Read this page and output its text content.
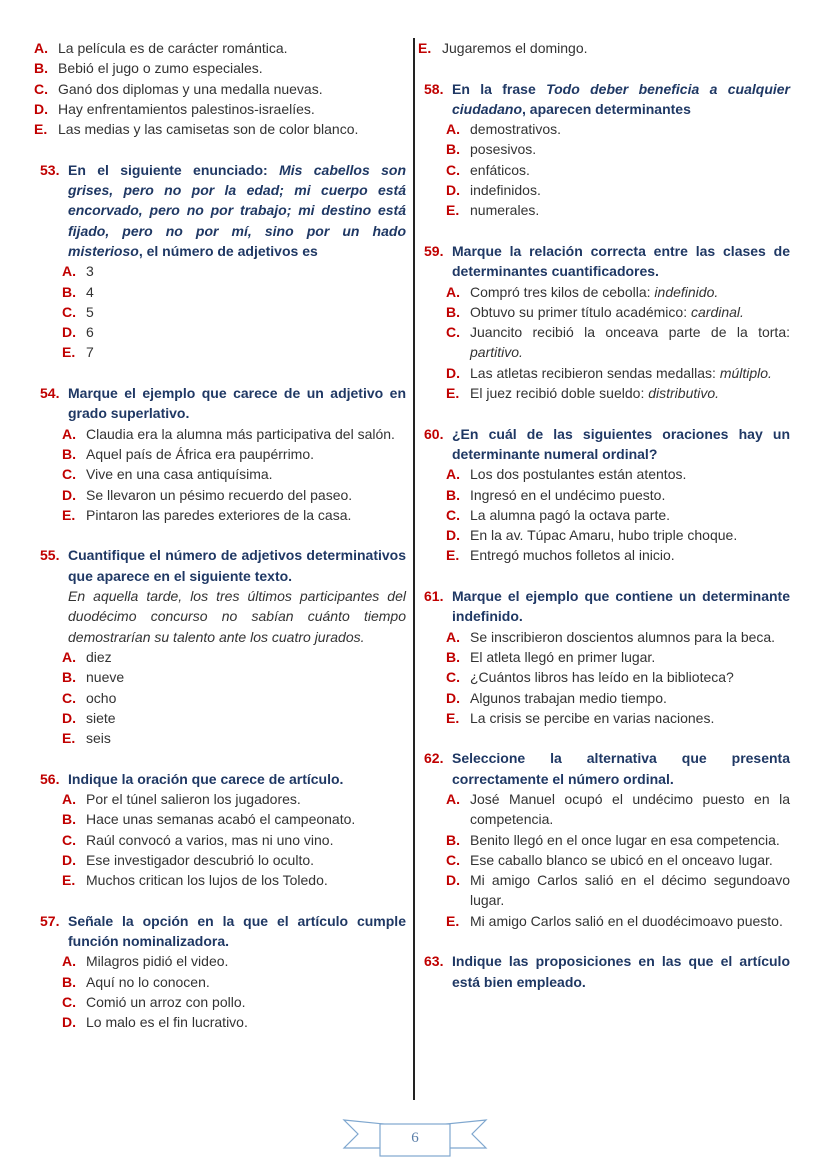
A. La película es de carácter romántica.
B. Bebió el jugo o zumo especiales.
C. Ganó dos diplomas y una medalla nuevas.
D. Hay enfrentamientos palestinos-israelíes.
E. Las medias y las camisetas son de color blanco.
53. En el siguiente enunciado: Mis cabellos son grises, pero no por la edad; mi cuerpo está encorvado, pero no por trabajo; mi destino está fijado, pero no por mí, sino por un hado misterioso, el número de adjetivos es
A. 3
B. 4
C. 5
D. 6
E. 7
54. Marque el ejemplo que carece de un adjetivo en grado superlativo.
A. Claudia era la alumna más participativa del salón.
B. Aquel país de África era paupérrimo.
C. Vive en una casa antiquísima.
D. Se llevaron un pésimo recuerdo del paseo.
E. Pintaron las paredes exteriores de la casa.
55. Cuantifique el número de adjetivos determinativos que aparece en el siguiente texto.
En aquella tarde, los tres últimos participantes del duodécimo concurso no sabían cuánto tiempo demostrarían su talento ante los cuatro jurados.
A. diez
B. nueve
C. ocho
D. siete
E. seis
56. Indique la oración que carece de artículo.
A. Por el túnel salieron los jugadores.
B. Hace unas semanas acabó el campeonato.
C. Raúl convocó a varios, mas ni uno vino.
D. Ese investigador descubrió lo oculto.
E. Muchos critican los lujos de los Toledo.
57. Señale la opción en la que el artículo cumple función nominalizadora.
A. Milagros pidió el video.
B. Aquí no lo conocen.
C. Comió un arroz con pollo.
D. Lo malo es el fin lucrativo.
E. Jugaremos el domingo.
58. En la frase Todo deber beneficia a cualquier ciudadano, aparecen determinantes
A. demostrativos.
B. posesivos.
C. enfáticos.
D. indefinidos.
E. numerales.
59. Marque la relación correcta entre las clases de determinantes cuantificadores.
A. Compró tres kilos de cebolla: indefinido.
B. Obtuvo su primer título académico: cardinal.
C. Juancito recibió la onceava parte de la torta: partitivo.
D. Las atletas recibieron sendas medallas: múltiplo.
E. El juez recibió doble sueldo: distributivo.
60. ¿En cuál de las siguientes oraciones hay un determinante numeral ordinal?
A. Los dos postulantes están atentos.
B. Ingresó en el undécimo puesto.
C. La alumna pagó la octava parte.
D. En la av. Túpac Amaru, hubo triple choque.
E. Entregó muchos folletos al inicio.
61. Marque el ejemplo que contiene un determinante indefinido.
A. Se inscribieron doscientos alumnos para la beca.
B. El atleta llegó en primer lugar.
C. ¿Cuántos libros has leído en la biblioteca?
D. Algunos trabajan medio tiempo.
E. La crisis se percibe en varias naciones.
62. Seleccione la alternativa que presenta correctamente el número ordinal.
A. José Manuel ocupó el undécimo puesto en la competencia.
B. Benito llegó en el once lugar en esa competencia.
C. Ese caballo blanco se ubicó en el onceavo lugar.
D. Mi amigo Carlos salió en el décimo segundoavo lugar.
E. Mi amigo Carlos salió en el duodécimoavo puesto.
63. Indique las proposiciones en las que el artículo está bien empleado.
6
